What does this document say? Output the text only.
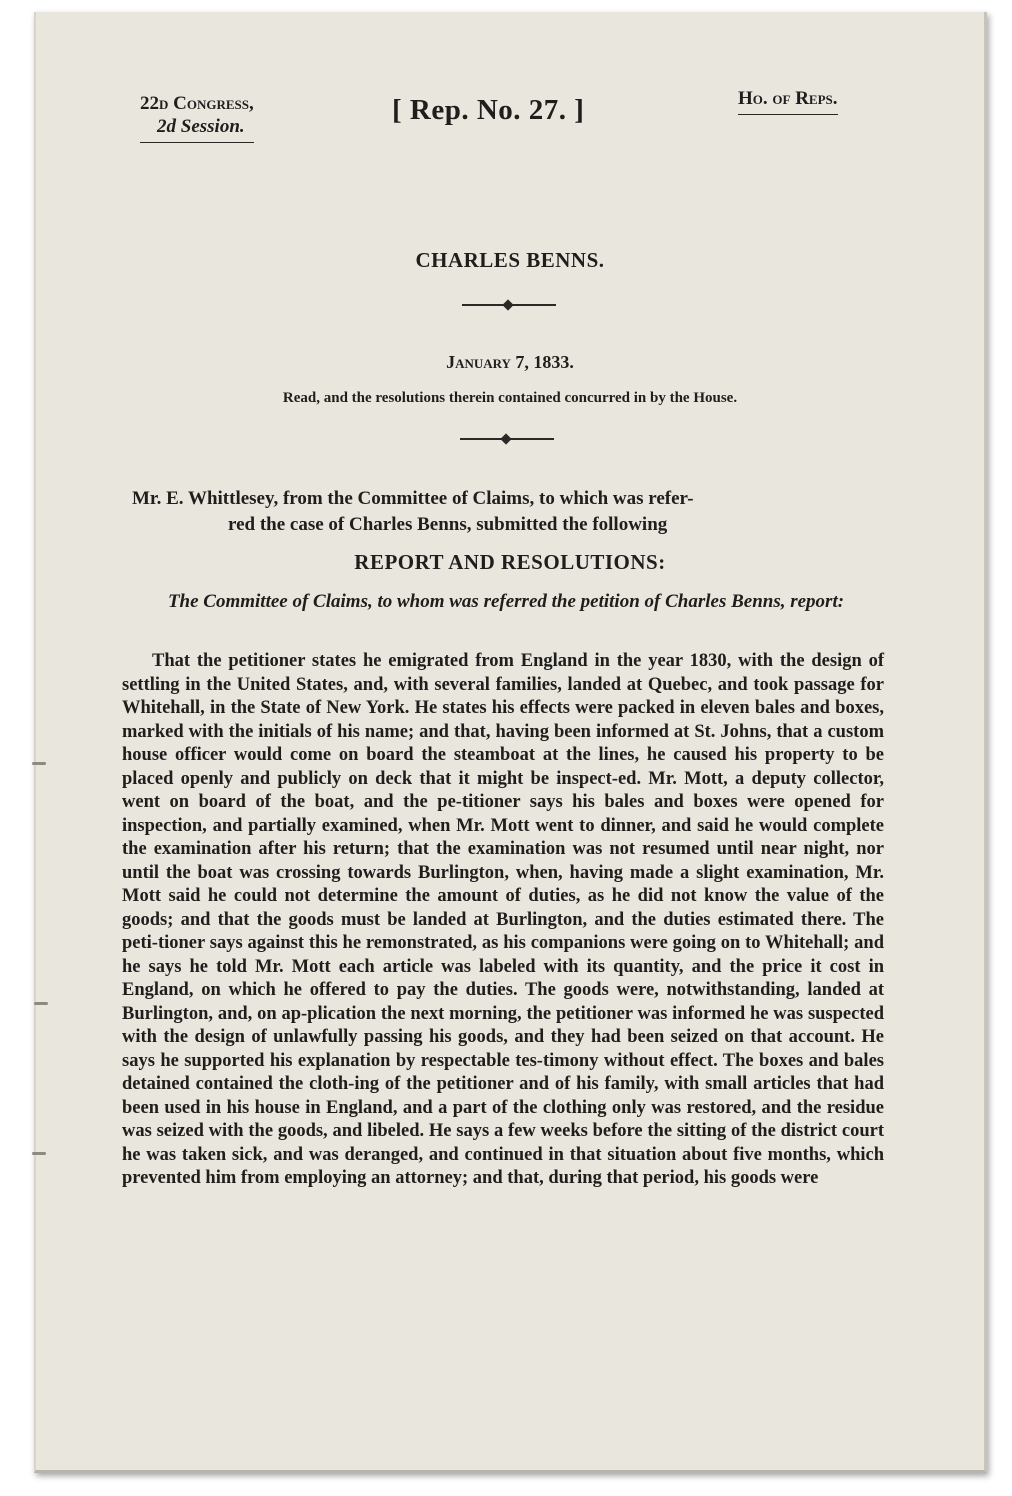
22d Congress,
2d Session.
[ Rep. No. 27. ]	Ho. of Reps.
CHARLES BENNS.
January 7, 1833.
Read, and the resolutions therein contained concurred in by the House.
Mr. E. Whittlesey, from the Committee of Claims, to which was refer-
red the case of Charles Benns, submitted the following
REPORT AND RESOLUTIONS:
The Committee of Claims, to whom was referred the petition of Charles Benns, report:
That the petitioner states he emigrated from England in the year 1830, with the design of settling in the United States, and, with several families, landed at Quebec, and took passage for Whitehall, in the State of New York. He states his effects were packed in eleven bales and boxes, marked with the initials of his name; and that, having been informed at St. Johns, that a custom house officer would come on board the steamboat at the lines, he caused his property to be placed openly and publicly on deck that it might be inspect-ed. Mr. Mott, a deputy collector, went on board of the boat, and the pe-titioner says his bales and boxes were opened for inspection, and partially examined, when Mr. Mott went to dinner, and said he would complete the examination after his return; that the examination was not resumed until near night, nor until the boat was crossing towards Burlington, when, having made a slight examination, Mr. Mott said he could not determine the amount of duties, as he did not know the value of the goods; and that the goods must be landed at Burlington, and the duties estimated there. The peti-tioner says against this he remonstrated, as his companions were going on to Whitehall; and he says he told Mr. Mott each article was labeled with its quantity, and the price it cost in England, on which he offered to pay the duties. The goods were, notwithstanding, landed at Burlington, and, on ap-plication the next morning, the petitioner was informed he was suspected with the design of unlawfully passing his goods, and they had been seized on that account. He says he supported his explanation by respectable tes-timony without effect. The boxes and bales detained contained the cloth-ing of the petitioner and of his family, with small articles that had been used in his house in England, and a part of the clothing only was restored, and the residue was seized with the goods, and libeled. He says a few weeks before the sitting of the district court he was taken sick, and was deranged, and continued in that situation about five months, which prevented him from employing an attorney; and that, during that period, his goods were
